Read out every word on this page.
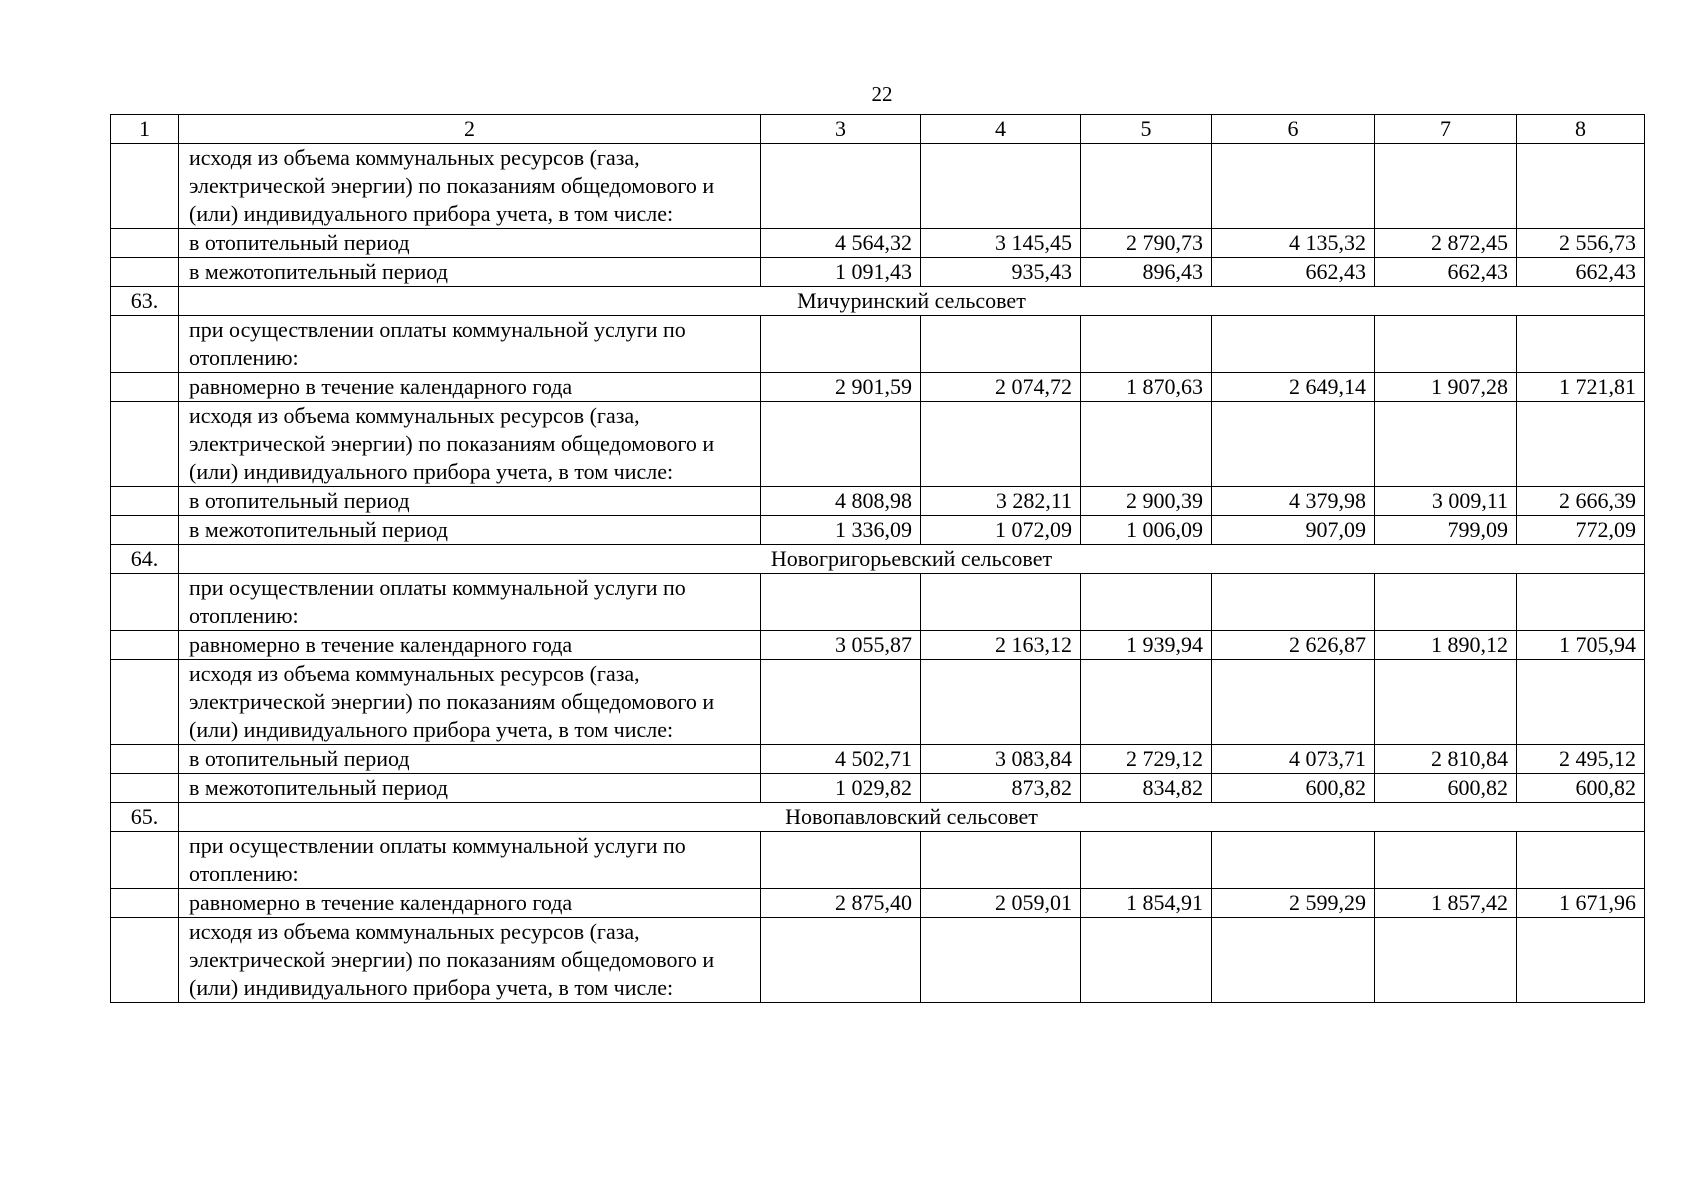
22
1	2	3	4	5	6	7	8
	исходя из объема коммунальных ресурсов (газа, электрической энергии) по показаниям общедомового и (или) индивидуального прибора учета, в том числе:						
	в отопительный период	4 564,32	3 145,45	2 790,73	4 135,32	2 872,45	2 556,73
	в межотопительный период	1 091,43	935,43	896,43	662,43	662,43	662,43
63.	Мичуринский сельсовет						
	при осуществлении оплаты коммунальной услуги по отоплению:						
	равномерно в течение календарного года	2 901,59	2 074,72	1 870,63	2 649,14	1 907,28	1 721,81
	исходя из объема коммунальных ресурсов (газа, электрической энергии) по показаниям общедомового и (или) индивидуального прибора учета, в том числе:						
	в отопительный период	4 808,98	3 282,11	2 900,39	4 379,98	3 009,11	2 666,39
	в межотопительный период	1 336,09	1 072,09	1 006,09	907,09	799,09	772,09
64.	Новогригорьевский сельсовет						
	при осуществлении оплаты коммунальной услуги по отоплению:						
	равномерно в течение календарного года	3 055,87	2 163,12	1 939,94	2 626,87	1 890,12	1 705,94
	исходя из объема коммунальных ресурсов (газа, электрической энергии) по показаниям общедомового и (или) индивидуального прибора учета, в том числе:						
	в отопительный период	4 502,71	3 083,84	2 729,12	4 073,71	2 810,84	2 495,12
	в межотопительный период	1 029,82	873,82	834,82	600,82	600,82	600,82
65.	Новопавловский сельсовет						
	при осуществлении оплаты коммунальной услуги по отоплению:						
	равномерно в течение календарного года	2 875,40	2 059,01	1 854,91	2 599,29	1 857,42	1 671,96
	исходя из объема коммунальных ресурсов (газа, электрической энергии) по показаниям общедомового и (или) индивидуального прибора учета, в том числе:						
